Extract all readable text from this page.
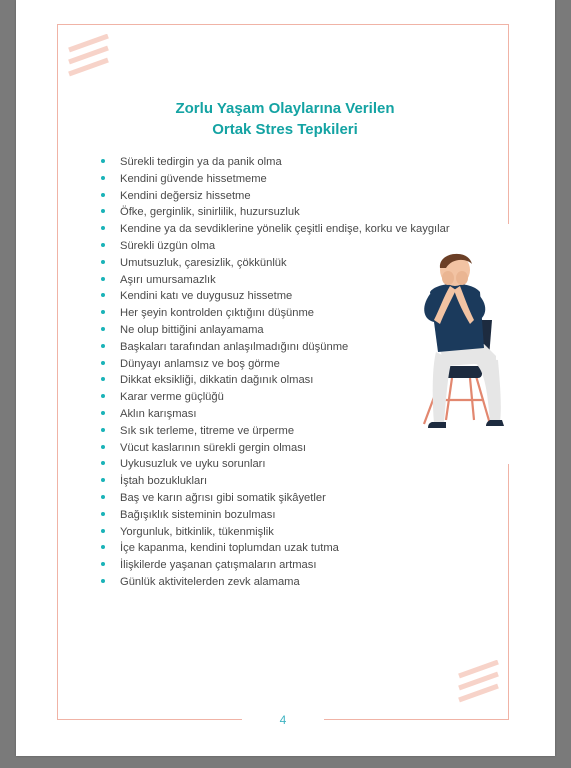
Zorlu Yaşam Olaylarına Verilen
Ortak Stres Tepkileri
Sürekli tedirgin ya da panik olma
Kendini güvende hissetmeme
Kendini değersiz hissetme
Öfke, gerginlik, sinirlilik, huzursuzluk
Kendine ya da sevdiklerine yönelik çeşitli endişe, korku ve kaygılar
Sürekli üzgün olma
Umutsuzluk, çaresizlik, çökkünlük
Aşırı umursamazlık
Kendini katı ve duygusuz hissetme
Her şeyin kontrolden çıktığını düşünme
Ne olup bittiğini anlayamama
Başkaları tarafından anlaşılmadığını düşünme
Dünyayı anlamsız ve boş görme
Dikkat eksikliği, dikkatin dağınık olması
Karar verme güçlüğü
Aklın karışması
Sık sık terleme, titreme ve ürperme
Vücut kaslarının sürekli gergin olması
Uykusuzluk ve uyku sorunları
İştah bozuklukları
Baş ve karın ağrısı gibi somatik şikâyetler
Bağışıklık sisteminin bozulması
Yorgunluk, bitkinlik, tükenmişlik
İçe kapanma, kendini toplumdan uzak tutma
İlişkilerde yaşanan çatışmaların artması
Günlük aktivitelerden zevk alamama
4
